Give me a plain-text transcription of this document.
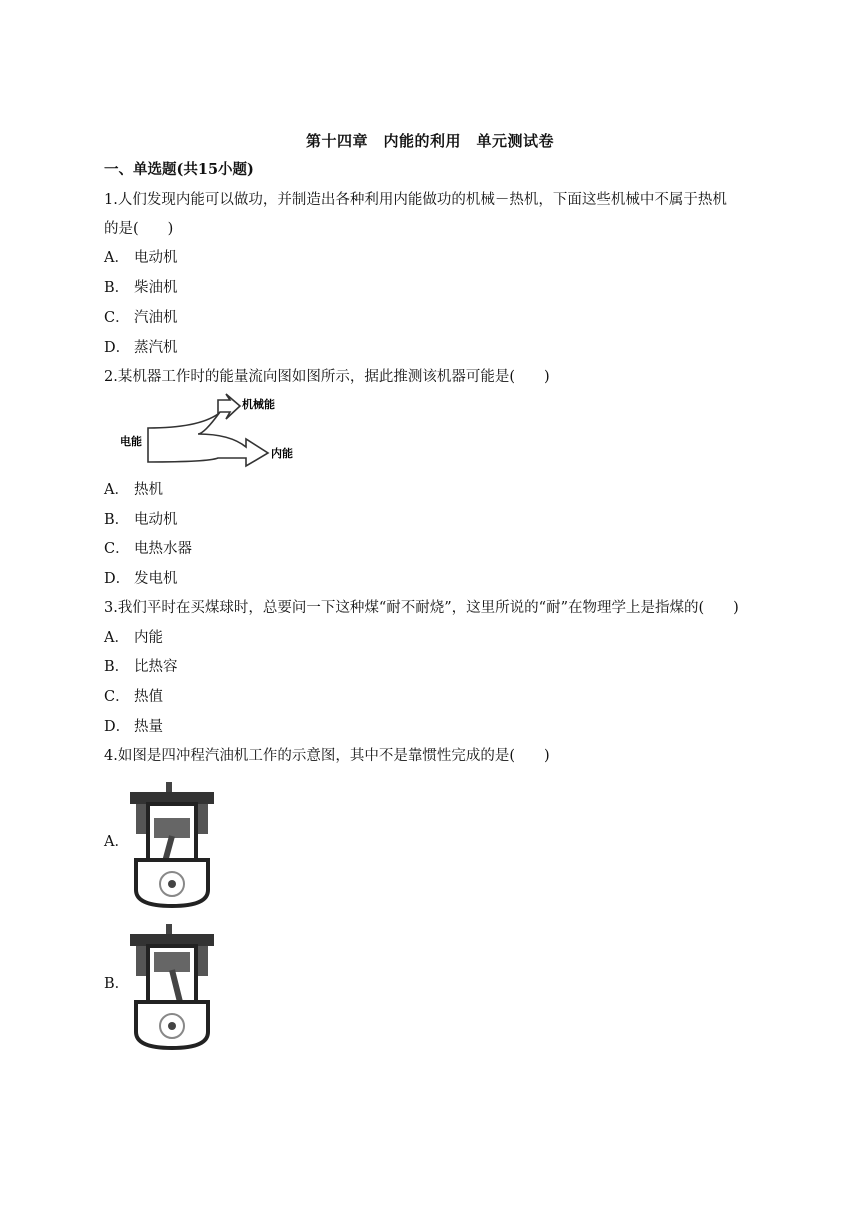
第十四章　内能的利用　单元测试卷
一、单选题(共15小题)
1.人们发现内能可以做功，并制造出各种利用内能做功的机械－热机，下面这些机械中不属于热机
的是(　　)
A． 电动机
B． 柴油机
C． 汽油机
D． 蒸汽机
2.某机器工作时的能量流向图如图所示，据此推测该机器可能是(　　)
电能
机械能
内能
A． 热机
B． 电动机
C． 电热水器
D． 发电机
3.我们平时在买煤球时，总要问一下这种煤“耐不耐烧”，这里所说的“耐”在物理学上是指煤的(　　)
A． 内能
B． 比热容
C． 热值
D． 热量
4.如图是四冲程汽油机工作的示意图，其中不是靠惯性完成的是(　　)
A．
B．
